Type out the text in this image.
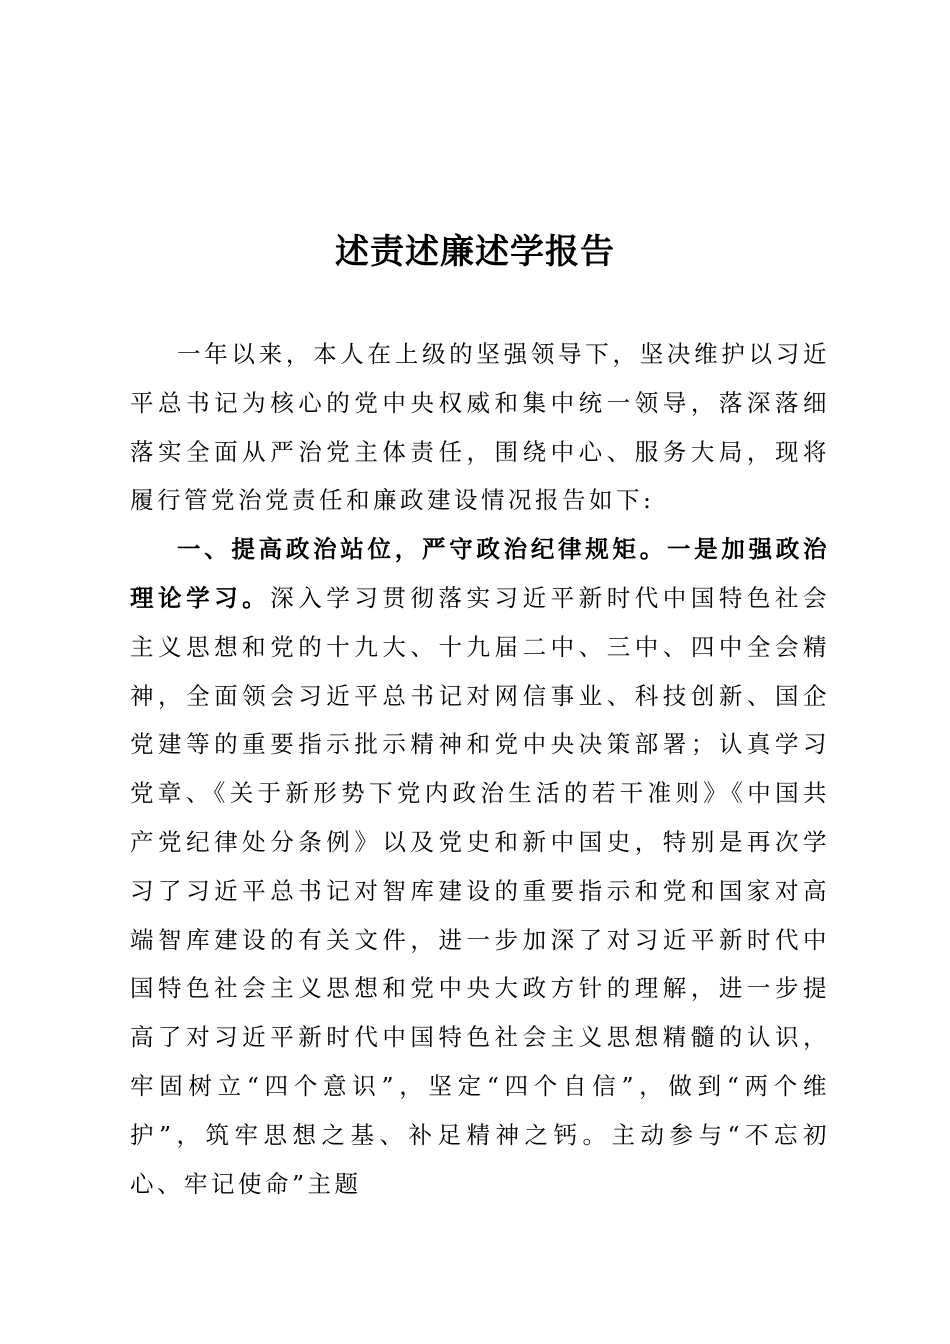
述责述廉述学报告

一年以来，本人在上级的坚强领导下，坚决维护以习近平总书记为核心的党中央权威和集中统一领导，落深落细落实全面从严治党主体责任，围绕中心、服务大局，现将履行管党治党责任和廉政建设情况报告如下:

一、提高政治站位，严守政治纪律规矩。一是加强政治理论学习。深入学习贯彻落实习近平新时代中国特色社会主义思想和党的十九大、十九届二中、三中、四中全会精神，全面领会习近平总书记对网信事业、科技创新、国企党建等的重要指示批示精神和党中央决策部署；认真学习党章、《关于新形势下党内政治生活的若干准则》《中国共产党纪律处分条例》以及党史和新中国史，特别是再次学习了习近平总书记对智库建设的重要指示和党和国家对高端智库建设的有关文件，进一步加深了对习近平新时代中国特色社会主义思想和党中央大政方针的理解，进一步提高了对习近平新时代中国特色社会主义思想精髓的认识，牢固树立“四个意识”，坚定“四个自信”，做到“两个维护”，筑牢思想之基、补足精神之钙。主动参与“不忘初心、牢记使命”主题
